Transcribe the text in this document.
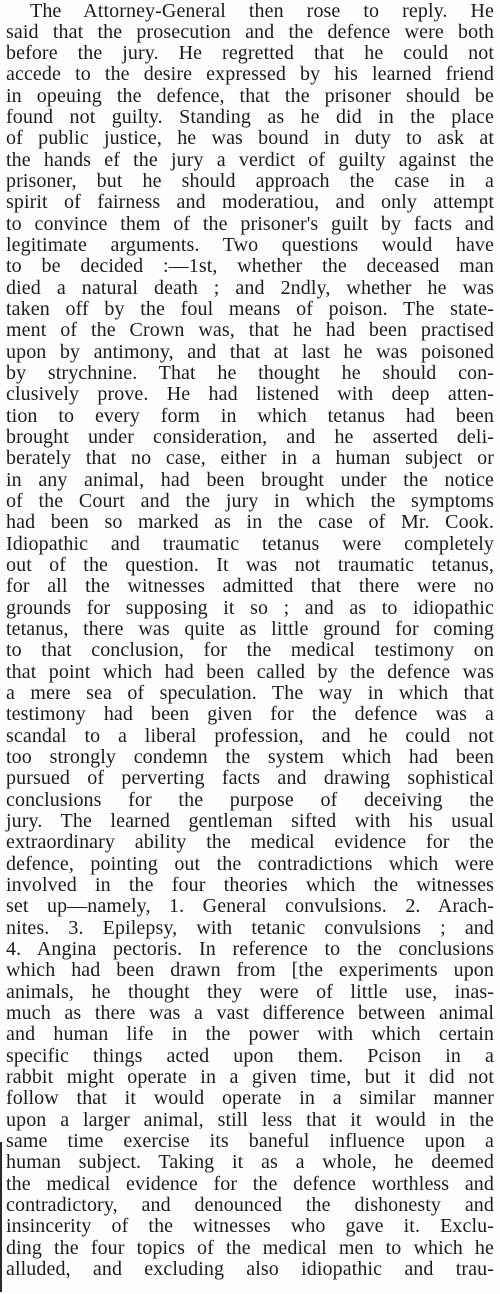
The Attorney-General then rose to reply. He
said that the prosecution and the defence were both
before the jury. He regretted that he could not
accede to the desire expressed by his learned friend
in opeuing the defence, that the prisoner should be
found not guilty. Standing as he did in the place
of public justice, he was bound in duty to ask at
the hands ef the jury a verdict of guilty against the
prisoner, but he should approach the case in a
spirit of fairness and moderatiou, and only attempt
to convince them of the prisoner's guilt by facts and
legitimate arguments. Two questions would have
to be decided :—1st, whether the deceased man
died a natural death ; and 2ndly, whether he was
taken off by the foul means of poison. The state-
ment of the Crown was, that he had been practised
upon by antimony, and that at last he was poisoned
by strychnine. That he thought he should con-
clusively prove. He had listened with deep atten-
tion to every form in which tetanus had been
brought under consideration, and he asserted deli-
berately that no case, either in a human subject or
in any animal, had been brought under the notice
of the Court and the jury in which the symptoms
had been so marked as in the case of Mr. Cook.
Idiopathic and traumatic tetanus were completely
out of the question. It was not traumatic tetanus,
for all the witnesses admitted that there were no
grounds for supposing it so ; and as to idiopathic
tetanus, there was quite as little ground for coming
to that conclusion, for the medical testimony on
that point which had been called by the defence was
a mere sea of speculation. The way in which that
testimony had been given for the defence was a
scandal to a liberal profession, and he could not
too strongly condemn the system which had been
pursued of perverting facts and drawing sophistical
conclusions for the purpose of deceiving the
jury. The learned gentleman sifted with his usual
extraordinary ability the medical evidence for the
defence, pointing out the contradictions which were
involved in the four theories which the witnesses
set up—namely, 1. General convulsions. 2. Arach-
nites. 3. Epilepsy, with tetanic convulsions ; and
4. Angina pectoris. In reference to the conclusions
which had been drawn from [the experiments upon
animals, he thought they were of little use, inas-
much as there was a vast difference between animal
and human life in the power with which certain
specific things acted upon them. Pcison in a
rabbit might operate in a given time, but it did not
follow that it would operate in a similar manner
upon a larger animal, still less that it would in the
same time exercise its baneful influence upon a
human subject. Taking it as a whole, he deemed
the medical evidence for the defence worthless and
contradictory, and denounced the dishonesty and
insincerity of the witnesses who gave it. Exclu-
ding the four topics of the medical men to which he
alluded, and excluding also idiopathic and trau-
